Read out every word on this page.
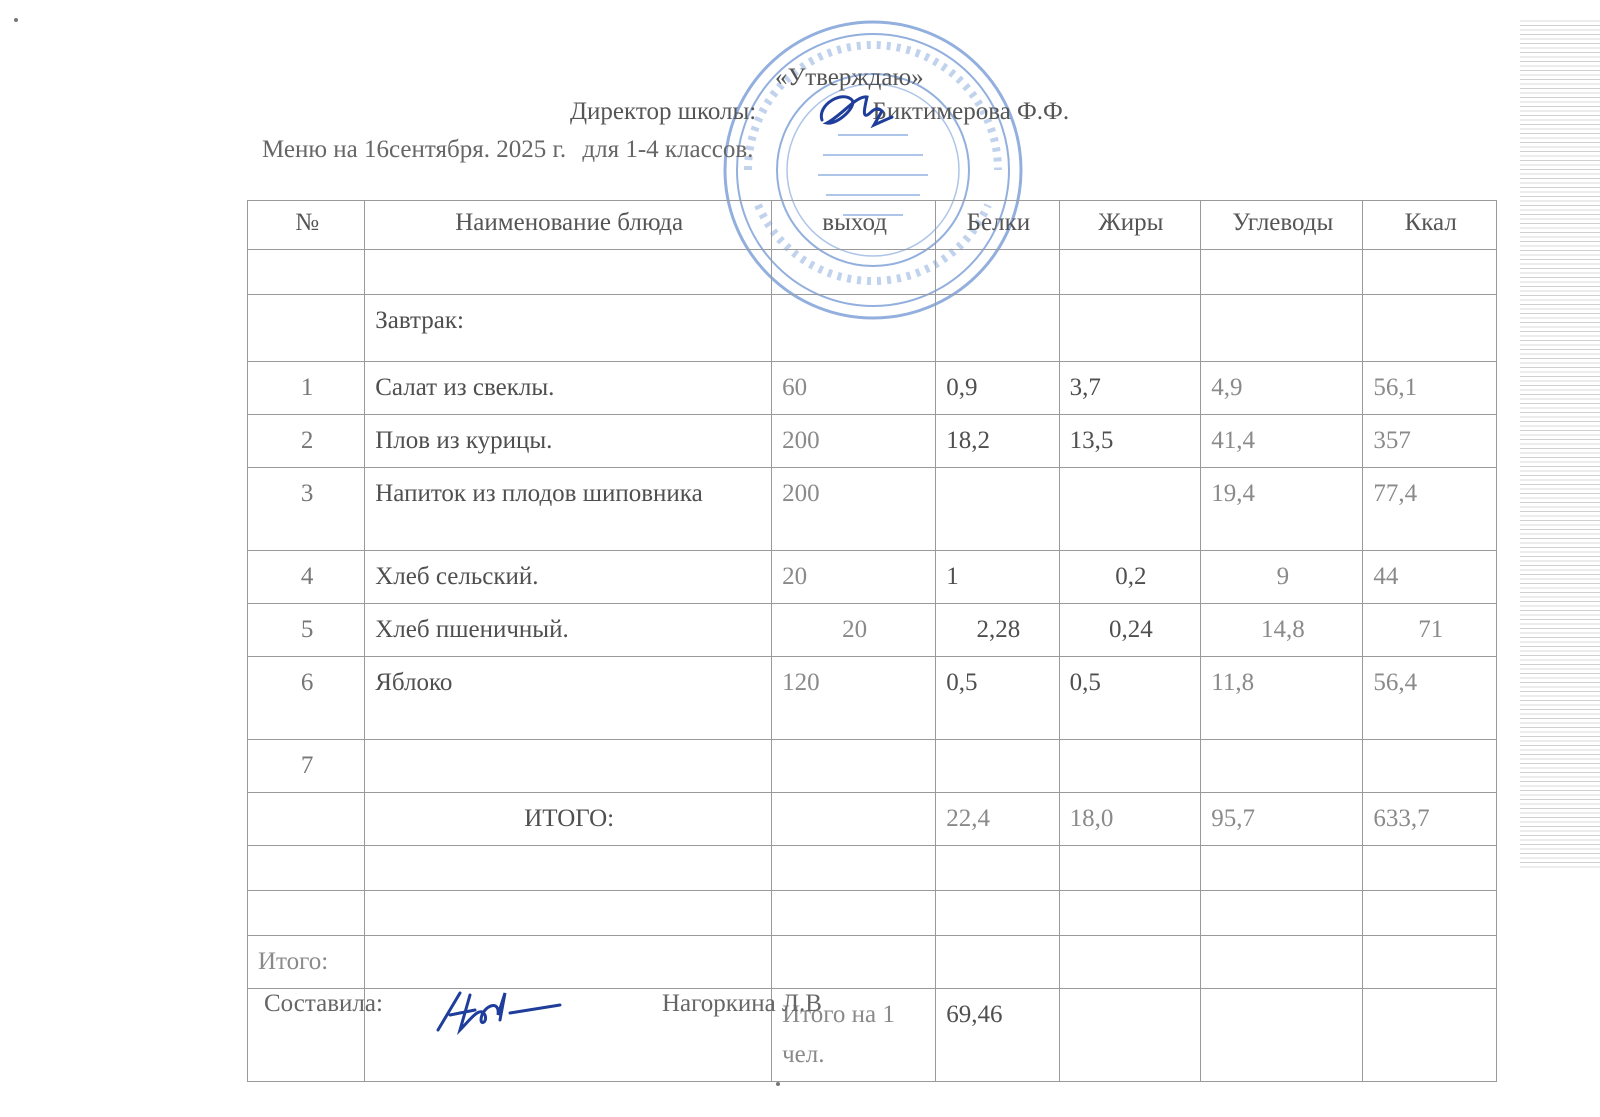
«Утверждаю»
Директор школы:	Биктимерова Ф.Ф.
Меню на 16сентября. 2025 г. для 1-4 классов.
№	Наименование блюда	выход	Белки	Жиры	Углеводы	Ккал

	Завтрак:					
1	Салат из свеклы.	60	0,9	3,7	4,9	56,1
2	Плов из курицы.	200	18,2	13,5	41,4	357
3	Напиток из плодов шиповника	200			19,4	77,4
4	Хлеб сельский.	20	1	0,2	9	44
5	Хлеб пшеничный.	20	2,28	0,24	14,8	71
6	Яблоко	120	0,5	0,5	11,8	56,4
7						
	ИТОГО:		22,4	18,0	95,7	633,7

Итого:						
		Итого на 1 чел.	69,46			
Составила:	Нагоркина Л.В
